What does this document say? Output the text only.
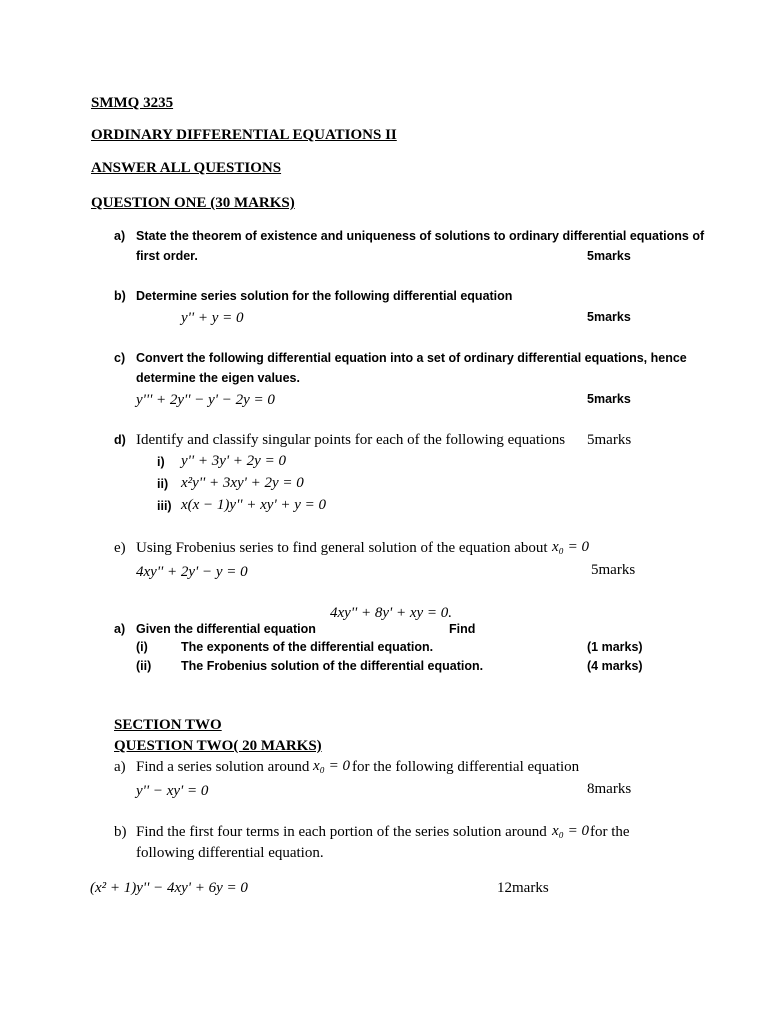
SMMQ 3235
ORDINARY DIFFERENTIAL EQUATIONS II
ANSWER ALL QUESTIONS
QUESTION ONE (30 MARKS)
a) State the theorem of existence and uniqueness of solutions to ordinary differential equations of
first order.	5marks
b) Determine series solution for the following differential equation
y'' + y = 0	5marks
c) Convert the following differential equation into a set of ordinary differential equations, hence
determine the eigen values.
y''' + 2y'' − y' − 2y = 0	5marks
d) Identify and classify singular points for each of the following equations 5marks
i) y'' + 3y' + 2y = 0
ii) x²y'' + 3xy' + 2y = 0
iii) x(x − 1)y'' + xy' + y = 0
e) Using Frobenius series to find general solution of the equation about x₀ = 0
4xy'' + 2y' − y = 0	5marks
4xy'' + 8y' + xy = 0.
a) Given the differential equation	Find
(i)	The exponents of the differential equation.	(1 marks)
(ii) The Frobenius solution of the differential equation.	(4 marks)
SECTION TWO
QUESTION TWO( 20 MARKS)
a) Find a series solution around x₀ = 0 for the following differential equation
y'' − xy' = 0	8marks
b) Find the first four terms in each portion of the series solution around x₀ = 0 for the
following differential equation.
(x² + 1)y'' − 4xy' + 6y = 0	12marks
